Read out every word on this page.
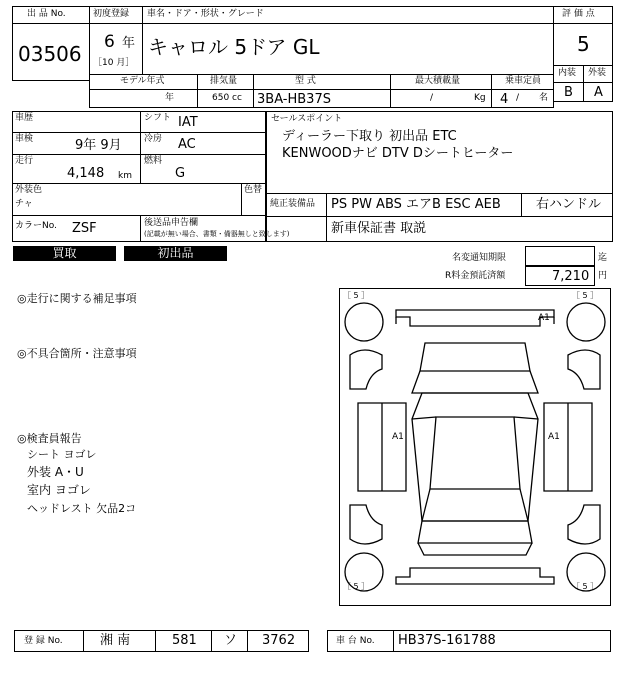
出 品 No.
03506
初度登録
6 年
［10 月］
車名・ドア・形状・グレード
キャロル 5ドア GL
評 価 点
5
内装 外装
B A
モデル年式
年
排気量
650 cc
型 式
3BA-HB37S
最大積載量
/	Kg
乗車定員
4 / 名
車歴	シフト IAT
車検	9年 9月 冷房 AC
走行
4,148 km
燃料
G
外装色
チャ
色替
カラーNo. ZSF	後送品申告欄
(記載が無い場合、書類・備器無しと致します)
セールスポイント
ディーラー下取り 初出品 ETC
KENWOODナビ DTV Dシートヒーター
純正装備品 PS PW ABS エアB ESC AEB	右ハンドル
新車保証書 取説
買取	初出品	名変通知期限	迄
R料金預託済額	7,210 円
◎走行に関する補足事項
◎不具合箇所・注意事項
◎検査員報告
シート ヨゴレ
外装 A・U
室内 ヨゴレ
ヘッドレスト 欠品2コ
［ 5 ］	［ 5 ］
［ 5 ］	［ 5 ］
A1
A1	A1
登 録 No.	湘 南	581 ソ 3762	車 台 No. HB37S-161788
